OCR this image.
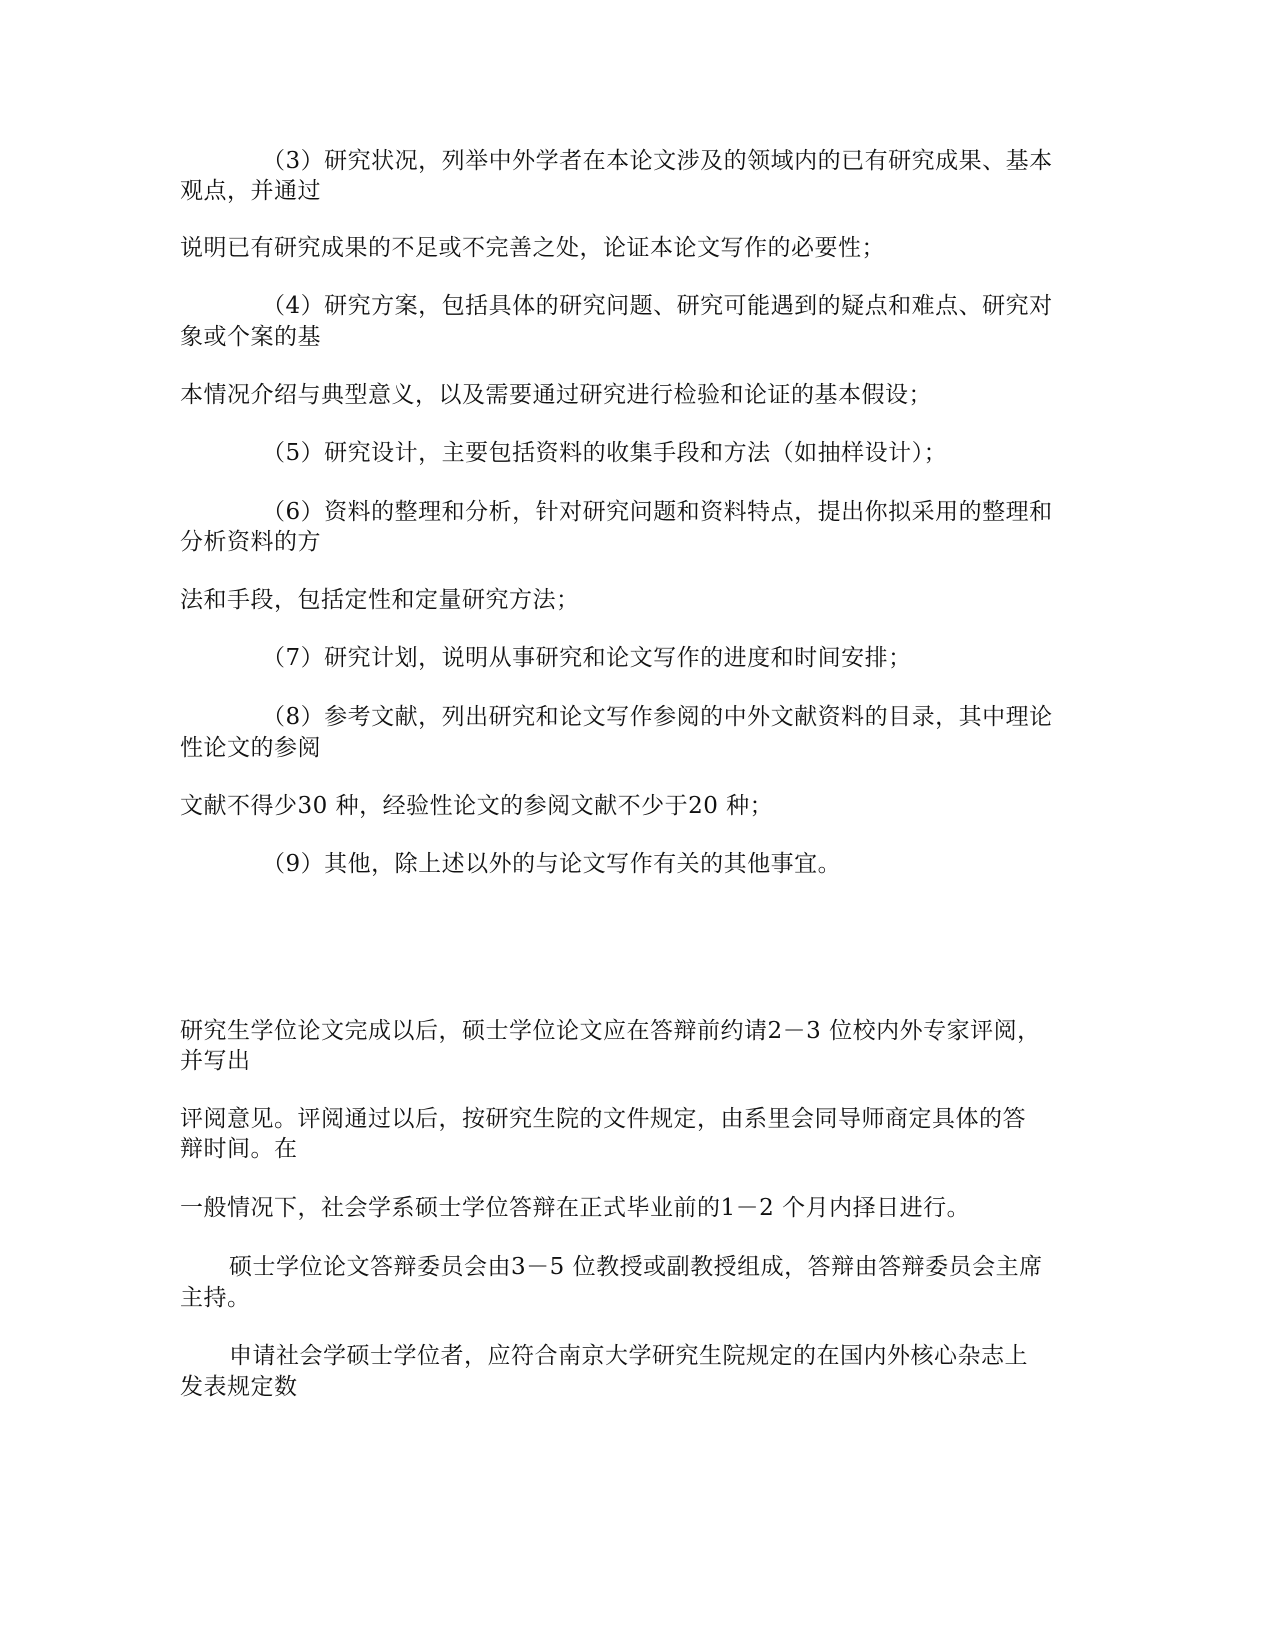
（3）研究状况，列举中外学者在本论文涉及的领域内的已有研究成果、基本
观点，并通过
说明已有研究成果的不足或不完善之处，论证本论文写作的必要性；
（4）研究方案，包括具体的研究问题、研究可能遇到的疑点和难点、研究对
象或个案的基
本情况介绍与典型意义，以及需要通过研究进行检验和论证的基本假设；
（5）研究设计，主要包括资料的收集手段和方法（如抽样设计）；
（6）资料的整理和分析，针对研究问题和资料特点，提出你拟采用的整理和
分析资料的方
法和手段，包括定性和定量研究方法；
（7）研究计划，说明从事研究和论文写作的进度和时间安排；
（8）参考文献，列出研究和论文写作参阅的中外文献资料的目录，其中理论
性论文的参阅
文献不得少30 种，经验性论文的参阅文献不少于20 种；
（9）其他，除上述以外的与论文写作有关的其他事宜。
研究生学位论文完成以后，硕士学位论文应在答辩前约请2－3 位校内外专家评阅，
并写出
评阅意见。评阅通过以后，按研究生院的文件规定，由系里会同导师商定具体的答
辩时间。在
一般情况下，社会学系硕士学位答辩在正式毕业前的1－2 个月内择日进行。
硕士学位论文答辩委员会由3－5 位教授或副教授组成，答辩由答辩委员会主席
主持。
申请社会学硕士学位者，应符合南京大学研究生院规定的在国内外核心杂志上
发表规定数
